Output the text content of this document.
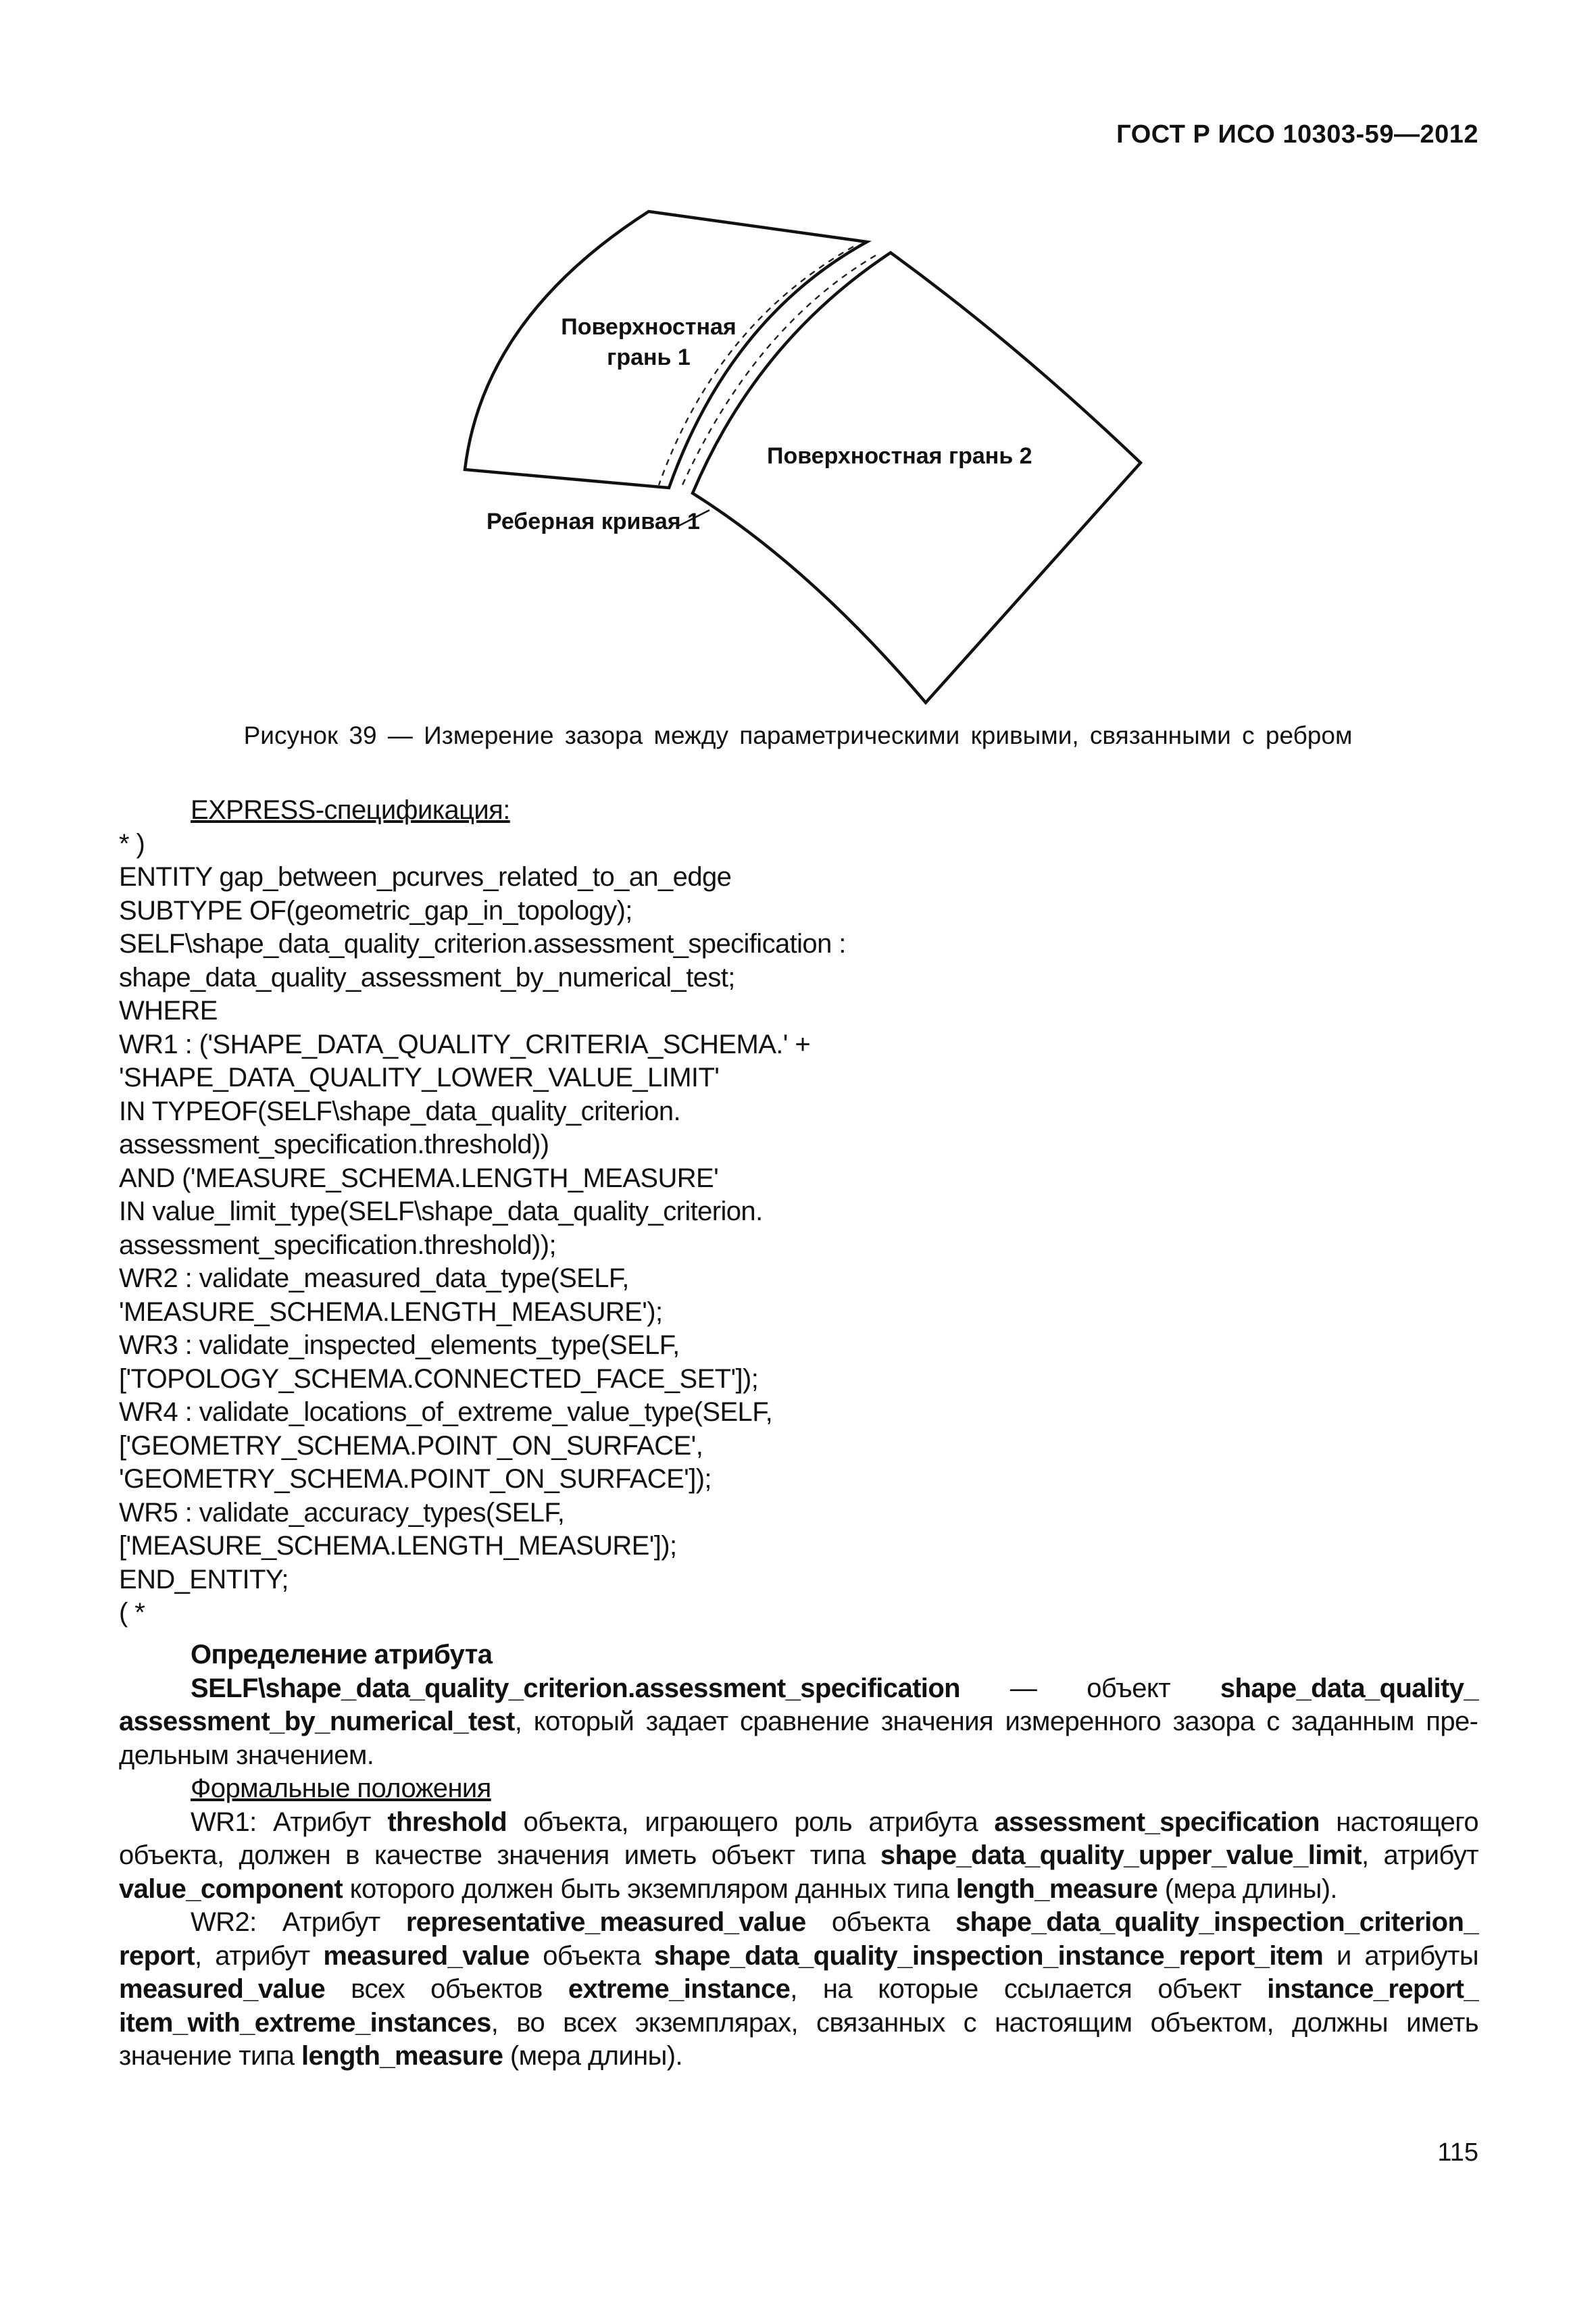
ГОСТ Р ИСО 10303-59—2012
Поверхностная
грань 1
Поверхностная грань 2
Реберная кривая 1
Рисунок 39 — Измерение зазора между параметрическими кривыми, связанными с ребром
EXPRESS-спецификация:
* )
ENTITY gap_between_pcurves_related_to_an_edge
SUBTYPE OF(geometric_gap_in_topology);
SELF\shape_data_quality_criterion.assessment_specification :
shape_data_quality_assessment_by_numerical_test;
WHERE
WR1 : ('SHAPE_DATA_QUALITY_CRITERIA_SCHEMA.' +
'SHAPE_DATA_QUALITY_LOWER_VALUE_LIMIT'
IN TYPEOF(SELF\shape_data_quality_criterion.
assessment_specification.threshold))
AND ('MEASURE_SCHEMA.LENGTH_MEASURE'
IN value_limit_type(SELF\shape_data_quality_criterion.
assessment_specification.threshold));
WR2 : validate_measured_data_type(SELF,
'MEASURE_SCHEMA.LENGTH_MEASURE');
WR3 : validate_inspected_elements_type(SELF,
['TOPOLOGY_SCHEMA.CONNECTED_FACE_SET']);
WR4 : validate_locations_of_extreme_value_type(SELF,
['GEOMETRY_SCHEMA.POINT_ON_SURFACE',
'GEOMETRY_SCHEMA.POINT_ON_SURFACE']);
WR5 : validate_accuracy_types(SELF,
['MEASURE_SCHEMA.LENGTH_MEASURE']);
END_ENTITY;
( *

Определение атрибута

SELF\shape_data_quality_criterion.assessment_specification — объект shape_data_quality_ assessment_by_numerical_test, который задает сравнение значения измеренного зазора с заданным предельным значением.

Формальные положения

WR1: Атрибут threshold объекта, играющего роль атрибута assessment_specification настоящего объекта, должен в качестве значения иметь объект типа shape_data_quality_upper_value_limit, атрибут value_component которого должен быть экземпляром данных типа length_measure (мера длины).

WR2: Атрибут representative_measured_value объекта shape_data_quality_inspection_criterion_ report, атрибут measured_value объекта shape_data_quality_inspection_instance_report_item и атрибуты measured_value всех объектов extreme_instance, на которые ссылается объект instance_report_ item_with_extreme_instances, во всех экземплярах, связанных с настоящим объектом, должны иметь значение типа length_measure (мера длины).

115
